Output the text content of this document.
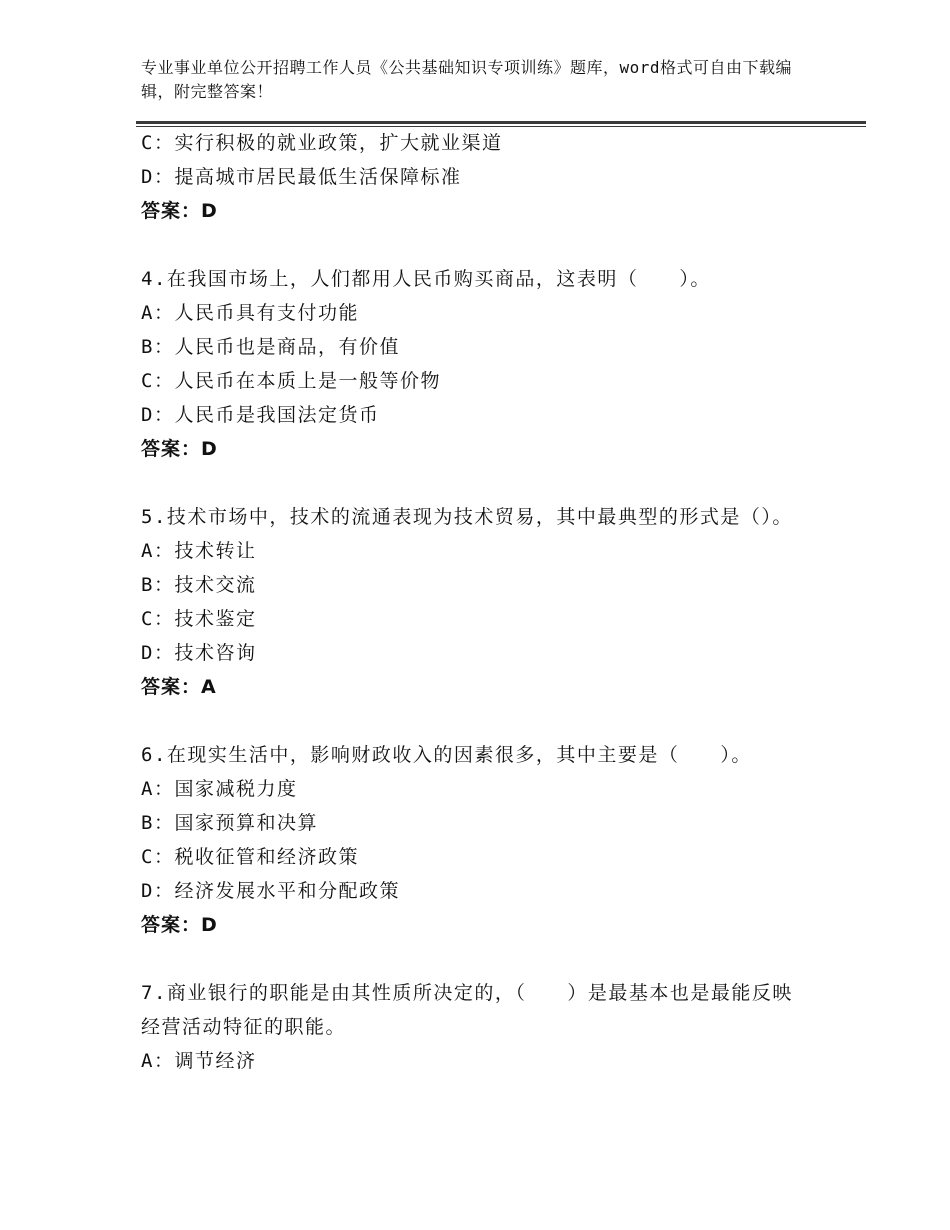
专业事业单位公开招聘工作人员《公共基础知识专项训练》题库，word格式可自由下载编辑，附完整答案！

C：实行积极的就业政策，扩大就业渠道

D：提高城市居民最低生活保障标准

答案：D

4.在我国市场上，人们都用人民币购买商品，这表明（　　）。

A：人民币具有支付功能

B：人民币也是商品，有价值

C：人民币在本质上是一般等价物

D：人民币是我国法定货币

答案：D

5.技术市场中，技术的流通表现为技术贸易，其中最典型的形式是（）。

A：技术转让

B：技术交流

C：技术鉴定

D：技术咨询

答案：A

6.在现实生活中，影响财政收入的因素很多，其中主要是（　　）。

A：国家减税力度

B：国家预算和决算

C：税收征管和经济政策

D：经济发展水平和分配政策

答案：D

7.商业银行的职能是由其性质所决定的，（　　）是最基本也是最能反映经营活动特征的职能。

A：调节经济
